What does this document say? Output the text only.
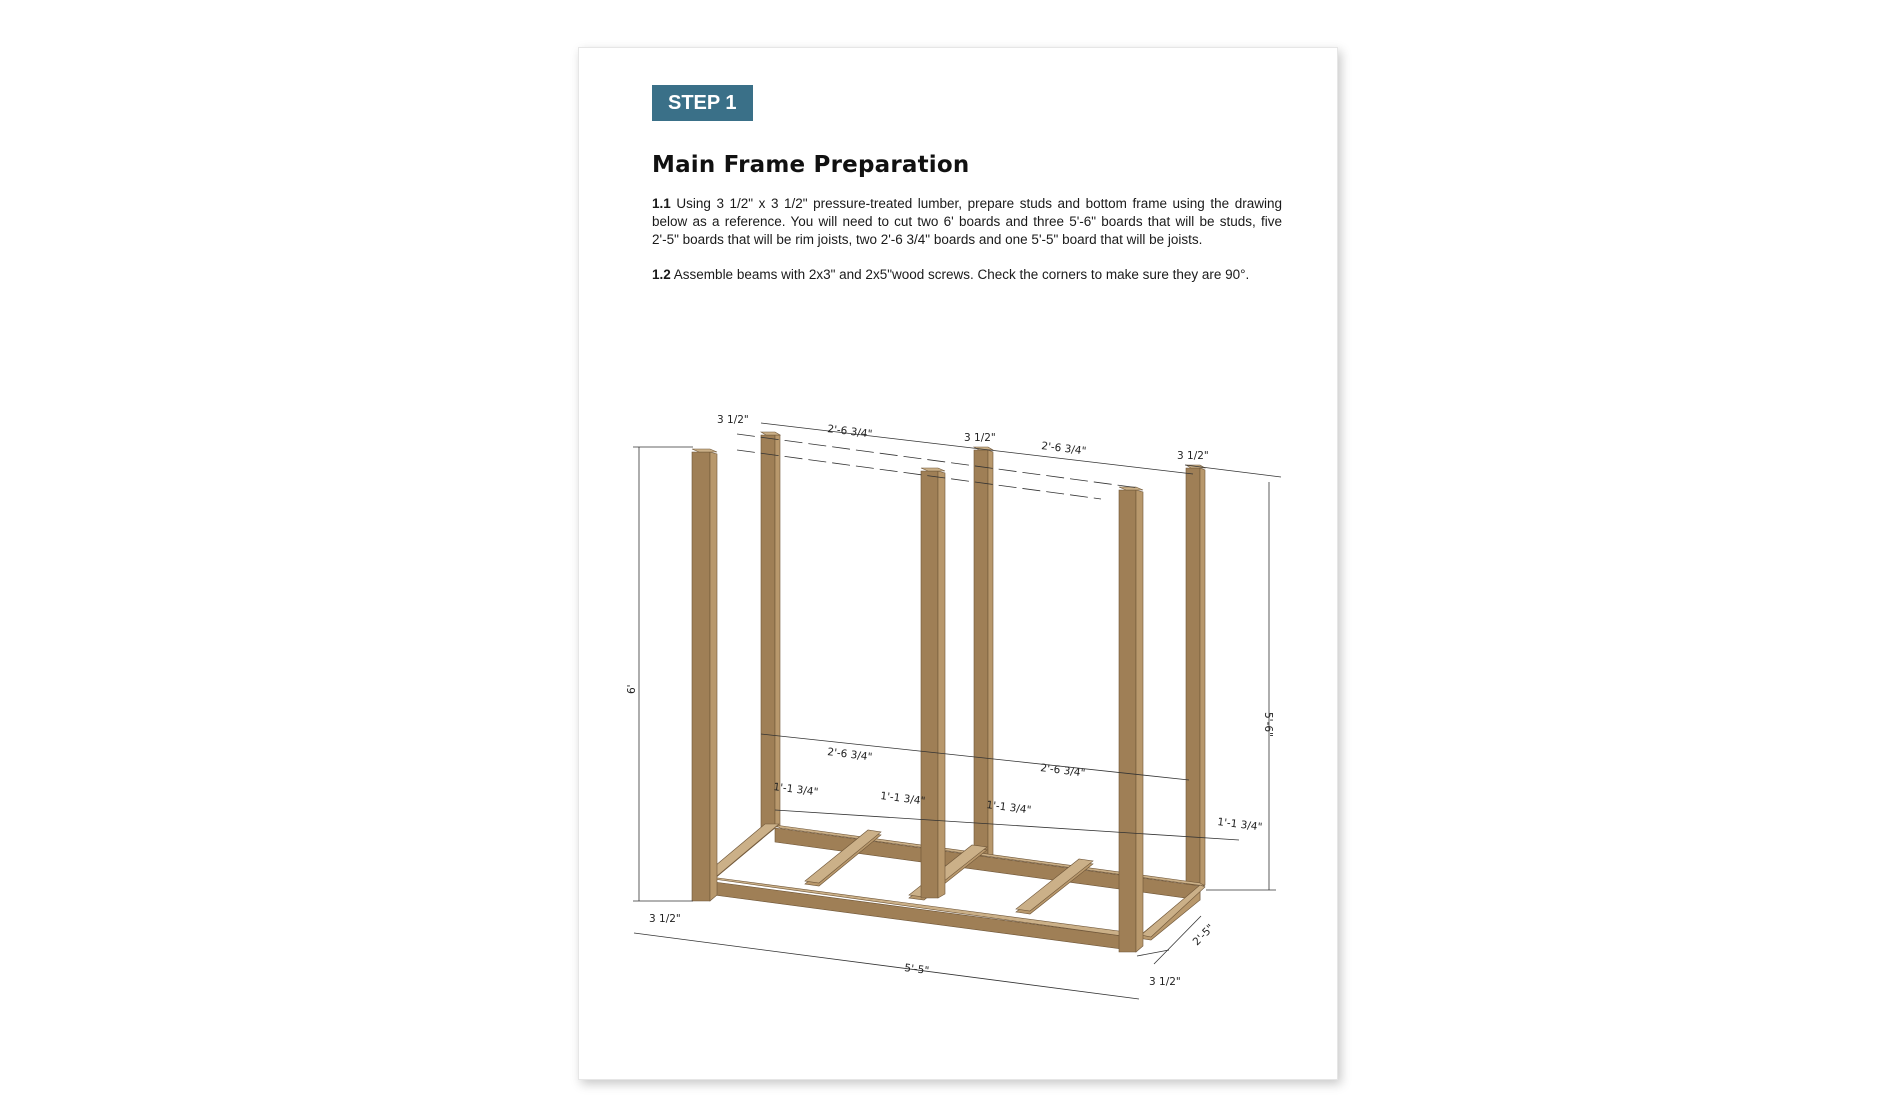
STEP 1
Main Frame Preparation

1.1 Using 3 1/2" x 3 1/2" pressure-treated lumber, prepare studs and bottom frame using the drawing below as a reference. You will need to cut two 6' boards and three 5'-6" boards that will be studs, five 2'-5" boards that will be rim joists, two 2'-6 3/4" boards and one 5'-5" board that will be joists.

1.2 Assemble beams with 2x3" and 2x5"wood screws. Check the corners to make sure they are 90°.

3 1/2"
2'-6 3/4"	3 1/2"
2'-6 3/4"	3 1/2"
6'
5'-6"
2'-6 3/4"
2'-6 3/4"
1'-1 3/4"
1'-1 3/4"
1'-1 3/4"
1'-1 3/4"
3 1/2"
5'-5"
3 1/2"
2'-5"
